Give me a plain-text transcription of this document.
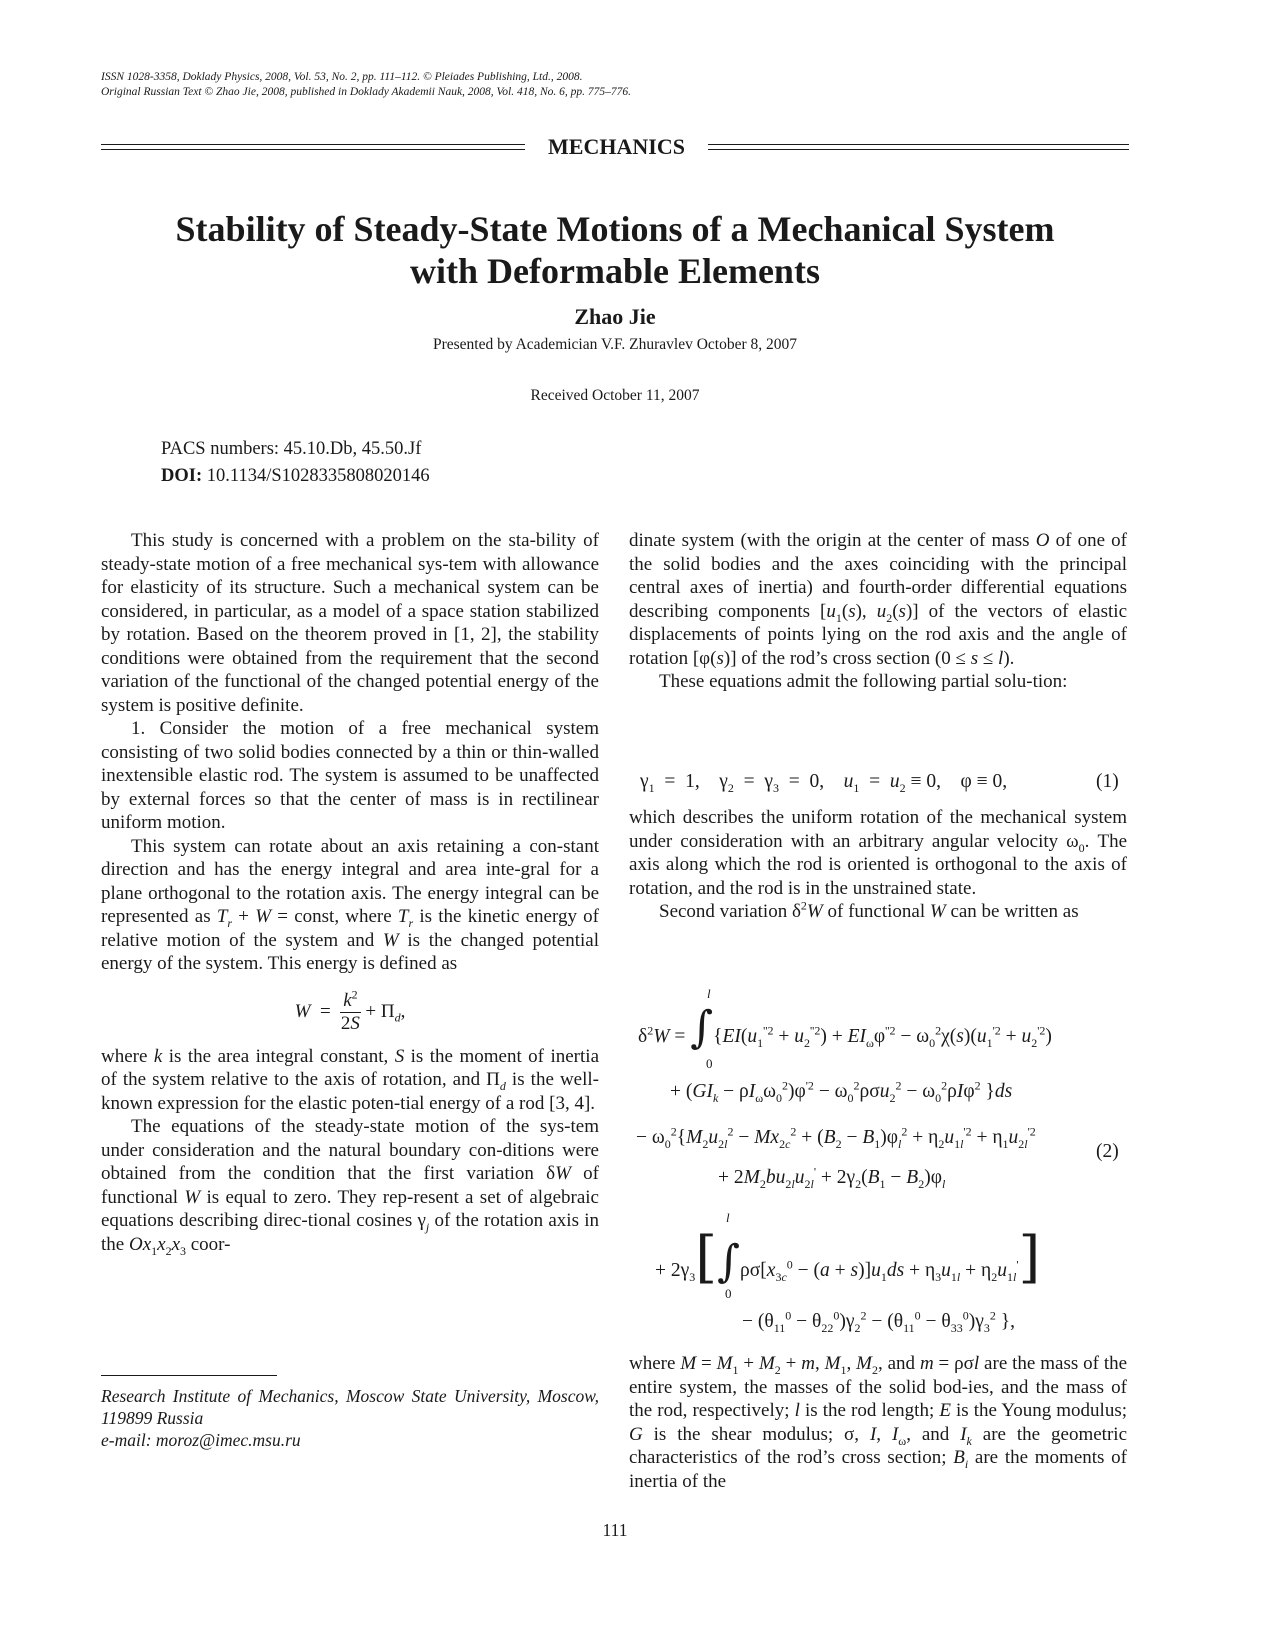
ISSN 1028-3358, Doklady Physics, 2008, Vol. 53, No. 2, pp. 111–112. © Pleiades Publishing, Ltd., 2008.
Original Russian Text © Zhao Jie, 2008, published in Doklady Akademii Nauk, 2008, Vol. 418, No. 6, pp. 775–776.
MECHANICS
Stability of Steady-State Motions of a Mechanical System
with Deformable Elements
Zhao Jie
Presented by Academician V.F. Zhuravlev October 8, 2007
Received October 11, 2007
PACS numbers: 45.10.Db, 45.50.Jf
DOI: 10.1134/S1028335808020146

This study is concerned with a problem on the sta-bility of steady-state motion of a free mechanical sys-tem with allowance for elasticity of its structure. Such a mechanical system can be considered, in particular, as a model of a space station stabilized by rotation. Based on the theorem proved in [1, 2], the stability conditions were obtained from the requirement that the second variation of the functional of the changed potential energy of the system is positive definite.

1. Consider the motion of a free mechanical system consisting of two solid bodies connected by a thin or thin-walled inextensible elastic rod. The system is assumed to be unaffected by external forces so that the center of mass is in rectilinear uniform motion.

This system can rotate about an axis retaining a con-stant direction and has the energy integral and area inte-gral for a plane orthogonal to the rotation axis. The energy integral can be represented as $T_r + W$ = const, where $T_r$ is the kinetic energy of relative motion of the system and W is the changed potential energy of the system. This energy is defined as

$W = \frac{k^2}{2S} + \Pi_d$,

where k is the area integral constant, S is the moment of inertia of the system relative to the axis of rotation, and $\Pi_d$ is the well-known expression for the elastic poten-tial energy of a rod [3, 4].

The equations of the steady-state motion of the sys-tem under consideration and the natural boundary con-ditions were obtained from the condition that the first variation δW of functional W is equal to zero. They rep-resent a set of algebraic equations describing direc-tional cosines $\gamma_j$ of the rotation axis in the $Ox_1x_2x_3$ coor-

Research Institute of Mechanics, Moscow State University, Moscow, 119899 Russia

e-mail: moroz@imec.msu.ru

dinate system (with the origin at the center of mass O of one of the solid bodies and the axes coinciding with the principal central axes of inertia) and fourth-order differential equations describing components [$u_1(s)$, $u_2(s)$] of the vectors of elastic displacements of points lying on the rod axis and the angle of rotation [φ(s)] of the rod’s cross section (0 ≤ s ≤ l).

These equations admit the following partial solu-tion:

$\gamma_1 = 1$,    $\gamma_2 = \gamma_3 = 0$,    $u_1 = u_2 \equiv 0$,    φ ≡ 0,	(1)

which describes the uniform rotation of the mechanical system under consideration with an arbitrary angular velocity $\omega_0$. The axis along which the rod is oriented is orthogonal to the axis of rotation, and the rod is in the unstrained state.

Second variation $\delta^2W$ of functional W can be written as

$\delta^2W = \int\{EI(u_1^{''2} + u_2^{''2}) + EI_\omega\varphi^{''2} - \omega_0^2\chi(s)(u_1^{'2} + u_2^{'2})$
l
0
+ $(GI_k - \rho I_\omega\omega_0^2)\varphi^{'2} - \omega_0^2\rho\sigma u_2^2 - \omega_0^2\rho I\varphi^2$ }ds
− $\omega_0^2\{M_2u_{2l}^2 - Mx_{2c}^2 + (B_2 - B_1)\varphi_l^2 + \eta_2u_{1l}^{'2} + \eta_1u_{2l}^{'2}$
(2)
+ $2M_2bu_{2l}u_{2l}' + 2\gamma_2(B_1 - B_2)\varphi_l$
+ $2\gamma_3[\int\rho\sigma[x_{3c}^0 - (a + s)]u_1ds + \eta_3u_{1l} + \eta_2u_{1l}']$
l
0
− $(\theta_{11}^0 - \theta_{22}^0)\gamma_2^2 - (\theta_{11}^0 - \theta_{33}^0)\gamma_3^2$ },

where $M = M_1 + M_2 + m$, $M_1$, $M_2$, and m = ρσl are the mass of the entire system, the masses of the solid bod-ies, and the mass of the rod, respectively; l is the rod length; E is the Young modulus; G is the shear modulus; σ, I, $I_\omega$, and $I_k$ are the geometric characteristics of the rod’s cross section; $B_i$ are the moments of inertia of the

111
